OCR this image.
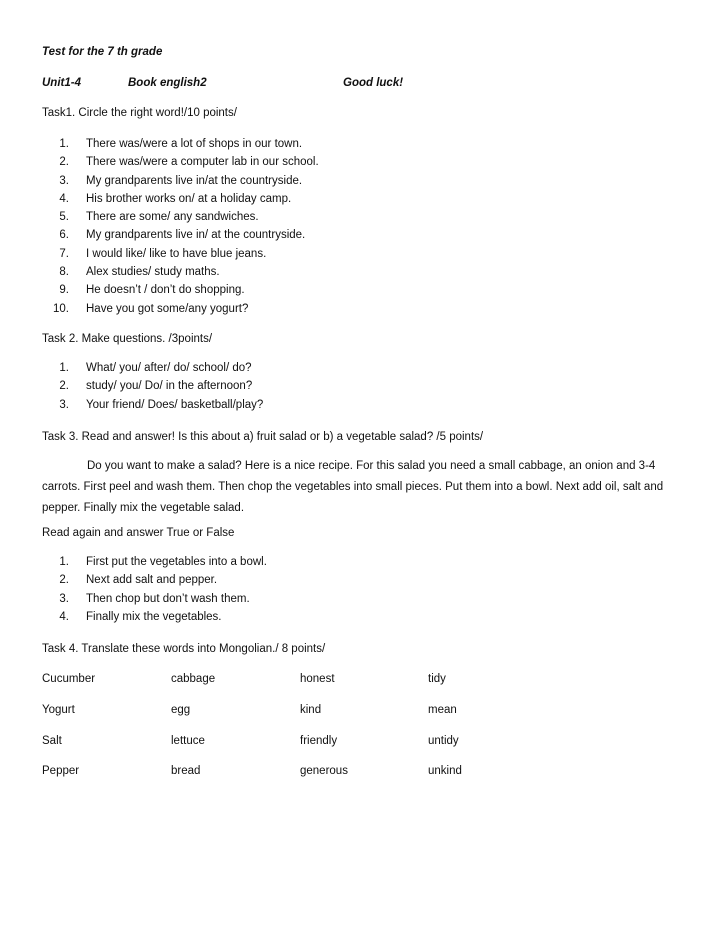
Test for the 7 th grade
Unit1-4	Book english2	Good luck!
Task1. Circle the right word!/10 points/
1. There was/were a lot of shops in our town.
2. There was/were a computer lab in our school.
3. My grandparents live in/at the countryside.
4. His brother works on/ at a holiday camp.
5. There are some/ any sandwiches.
6. My grandparents live in/ at the countryside.
7. I would like/ like to have blue jeans.
8. Alex studies/ study maths.
9. He doesn’t / don’t do shopping.
10. Have you got some/any yogurt?
Task 2. Make questions. /3points/
1. What/ you/ after/ do/ school/ do?
2. study/ you/ Do/ in the afternoon?
3. Your friend/ Does/ basketball/play?
Task 3. Read and answer! Is this about a) fruit salad or b) a vegetable salad? /5 points/
Do you want to make a salad? Here is a nice recipe. For this salad you need a small cabbage, an onion and 3-4 carrots. First peel and wash them. Then chop the vegetables into small pieces. Put them into a bowl. Next add oil, salt and pepper. Finally mix the vegetable salad.
Read again and answer True or False
1. First put the vegetables into a bowl.
2. Next add salt and pepper.
3. Then chop but don’t wash them.
4. Finally mix the vegetables.
Task 4. Translate these words into Mongolian./ 8 points/
Cucumber	cabbage	honest	tidy
Yogurt	egg	kind	mean
Salt	lettuce	friendly	untidy
Pepper	bread	generous	unkind
